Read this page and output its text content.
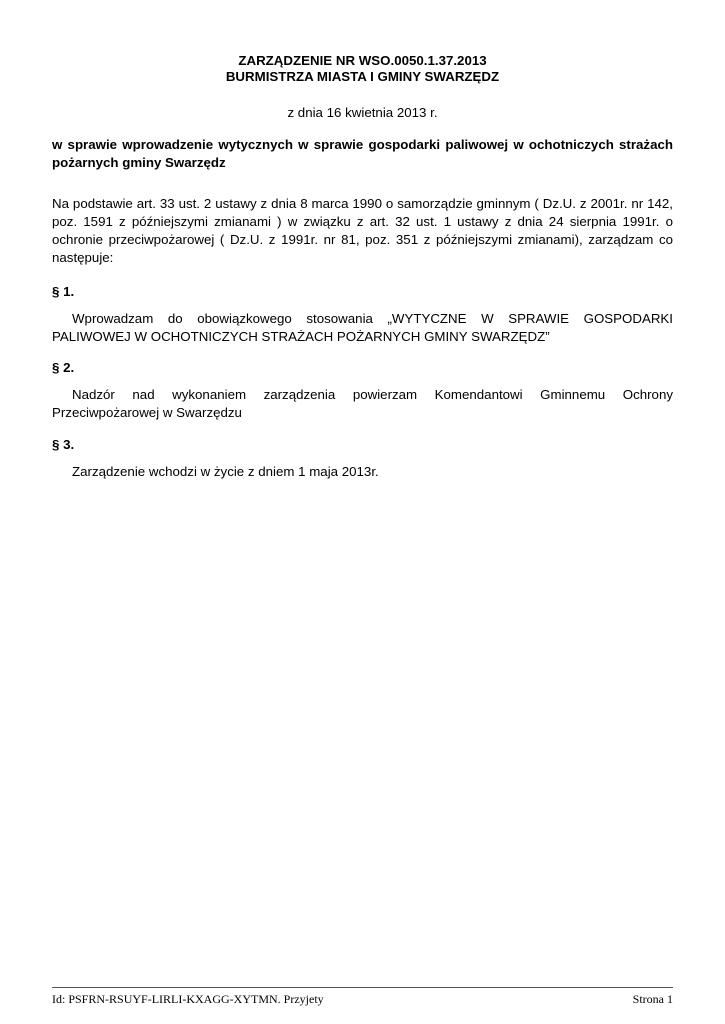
ZARZĄDZENIE NR WSO.0050.1.37.2013
BURMISTRZA MIASTA I GMINY SWARZĘDZ
z dnia 16 kwietnia 2013 r.
w sprawie wprowadzenie wytycznych w sprawie gospodarki paliwowej w ochotniczych strażach pożarnych gminy Swarzędz
Na podstawie art. 33 ust. 2 ustawy z dnia 8 marca 1990 o samorządzie gminnym ( Dz.U. z 2001r. nr 142, poz. 1591 z późniejszymi zmianami ) w związku z art. 32 ust. 1 ustawy z dnia 24 sierpnia 1991r. o ochronie przeciwpożarowej ( Dz.U. z 1991r. nr 81, poz. 351 z późniejszymi zmianami), zarządzam co następuje:
§ 1.
Wprowadzam do obowiązkowego stosowania „WYTYCZNE W SPRAWIE GOSPODARKI PALIWOWEJ W OCHOTNICZYCH STRAŻACH POŻARNYCH GMINY SWARZĘDZ”
§ 2.
Nadzór nad wykonaniem zarządzenia powierzam Komendantowi Gminnemu Ochrony Przeciwpożarowej w Swarzędzu
§ 3.
Zarządzenie wchodzi w życie z dniem 1 maja 2013r.
Id: PSFRN-RSUYF-LIRLI-KXAGG-XYTMN. Przyjety	Strona 1
